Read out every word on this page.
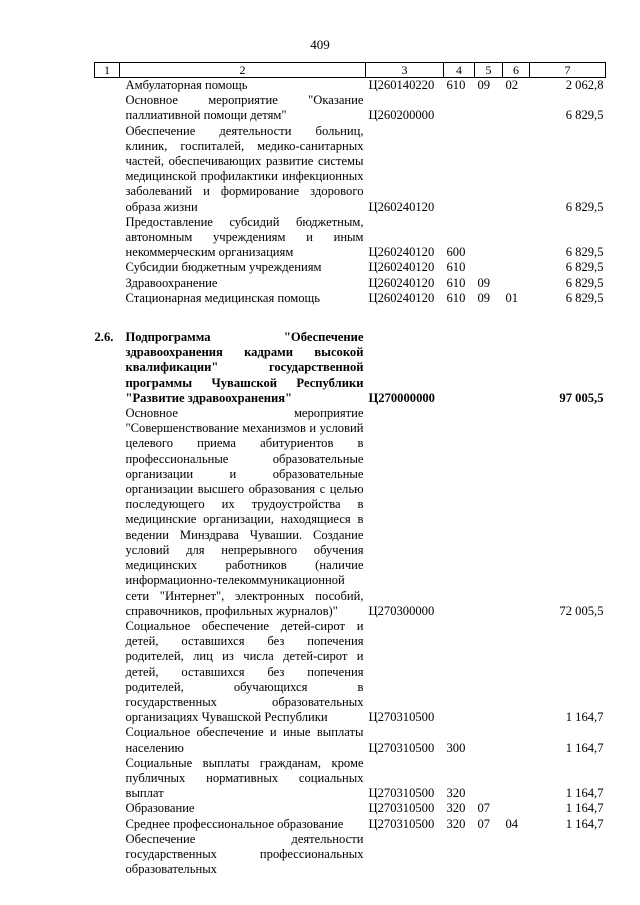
409
1	2	3	4	5	6	7
	Амбулаторная помощь	Ц260140220	610	09	02	2 062,8
	Основное мероприятие "Оказание паллиативной помощи детям"	Ц260200000				6 829,5
	Обеспечение деятельности больниц, клиник, госпиталей, медико-санитарных частей, обеспечивающих развитие системы медицинской профилактики инфекционных заболеваний и формирование здорового образа жизни	Ц260240120				6 829,5
	Предоставление субсидий бюджетным, автономным учреждениям и иным некоммерческим организациям	Ц260240120	600			6 829,5
	Субсидии бюджетным учреждениям	Ц260240120	610			6 829,5
	Здравоохранение	Ц260240120	610	09		6 829,5
	Стационарная медицинская помощь	Ц260240120	610	09	01	6 829,5

2.6.	Подпрограмма "Обеспечение здравоохранения кадрами высокой квалификации" государственной программы Чувашской Республики "Развитие здравоохранения"	Ц270000000				97 005,5
	Основное мероприятие "Совершенствование механизмов и условий целевого приема абитуриентов в профессиональные образовательные организации и образовательные организации высшего образования с целью последующего их трудоустройства в медицинские организации, находящиеся в ведении Минздрава Чувашии. Создание условий для непрерывного обучения медицинских работников (наличие информационно-телекоммуникационной сети "Интернет", электронных пособий, справочников, профильных журналов)"	Ц270300000				72 005,5
	Социальное обеспечение детей-сирот и детей, оставшихся без попечения родителей, лиц из числа детей-сирот и детей, оставшихся без попечения родителей, обучающихся в государственных образовательных организациях Чувашской Республики	Ц270310500				1 164,7
	Социальное обеспечение и иные выплаты населению	Ц270310500	300			1 164,7
	Социальные выплаты гражданам, кроме публичных нормативных социальных выплат	Ц270310500	320			1 164,7
	Образование	Ц270310500	320	07		1 164,7
	Среднее профессиональное образование	Ц270310500	320	07	04	1 164,7
	Обеспечение деятельности государственных профессиональных образовательных					
